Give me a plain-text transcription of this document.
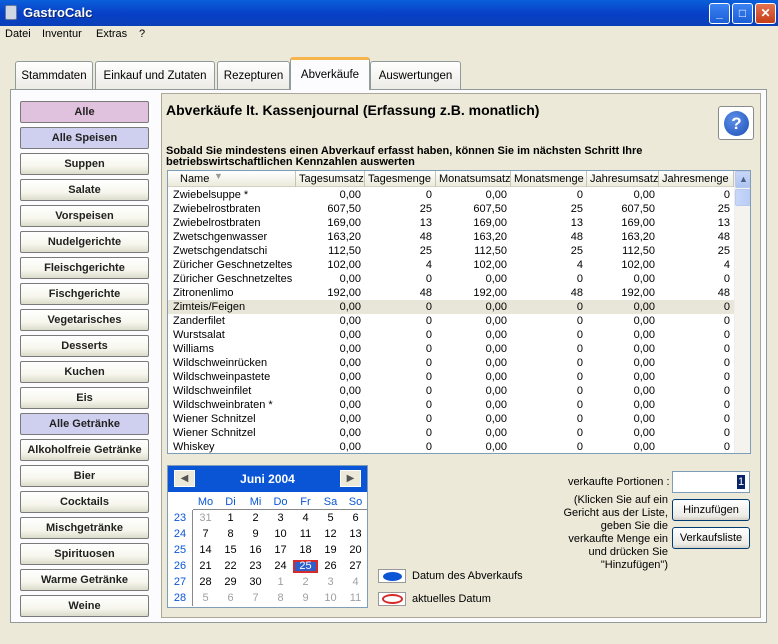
GastroCalc	_	□	✕
Datei Inventur Extras ?
Stammdaten	Einkauf und Zutaten	Rezepturen	Abverkäufe	Auswertungen
Alle
Alle Speisen
Suppen
Salate
Vorspeisen
Nudelgerichte
Fleischgerichte
Fischgerichte
Vegetarisches
Desserts
Kuchen
Eis
Alle Getränke
Alkoholfreie Getränke
Bier
Cocktails
Mischgetränke
Spirituosen
Warme Getränke
Weine
Abverkäufe lt. Kassenjournal (Erfassung z.B. monatlich)
?
Sobald Sie mindestens einen Abverkauf erfasst haben, können Sie im nächsten Schritt Ihre betriebswirtschaftlichen Kennzahlen auswerten
Name ▼	Tagesumsatz Tagesmenge Monatsumsatz Monatsmenge Jahresumsatz Jahresmenge
Zwiebelsuppe *	0,00	0	0,00	0	0,00	0
Zwiebelrostbraten	607,50	25	607,50	25	607,50	25
Zwiebelrostbraten	169,00	13	169,00	13	169,00	13
Zwetschgenwasser	163,20	48	163,20	48	163,20	48
Zwetschgendatschi	112,50	25	112,50	25	112,50	25
Züricher Geschnetzeltes	102,00	4	102,00	4	102,00	4
Züricher Geschnetzeltes	0,00	0	0,00	0	0,00	0
Zitronenlimo	192,00	48	192,00	48	192,00	48
Zimteis/Feigen	0,00	0	0,00	0	0,00	0
Zanderfilet	0,00	0	0,00	0	0,00	0
Wurstsalat	0,00	0	0,00	0	0,00	0
Williams	0,00	0	0,00	0	0,00	0
Wildschweinrücken	0,00	0	0,00	0	0,00	0
Wildschweinpastete	0,00	0	0,00	0	0,00	0
Wildschweinfilet	0,00	0	0,00	0	0,00	0
Wildschweinbraten *	0,00	0	0,00	0	0,00	0
Wiener Schnitzel	0,00	0	0,00	0	0,00	0
Wiener Schnitzel	0,00	0	0,00	0	0,00	0
Whiskey	0,00	0	0,00	0	0,00	0
▲
Juni 2004
◀	▶
Mo	Di	Mi	Do	Fr	Sa	So
23	31	1	2	3	4	5	6
24	7	8	9	10	11	12	13
25	14	15	16	17	18	19	20
26	21	22	23	24	25	26	27
27	28	29	30	1	2	3	4
28	5	6	7	8	9	10	11
Datum des Abverkaufs
aktuelles Datum
verkaufte Portionen :	1
(Klicken Sie auf ein Gericht aus der Liste, geben Sie die verkaufte Menge ein und drücken Sie "Hinzufügen")
Hinzufügen
Verkaufsliste
